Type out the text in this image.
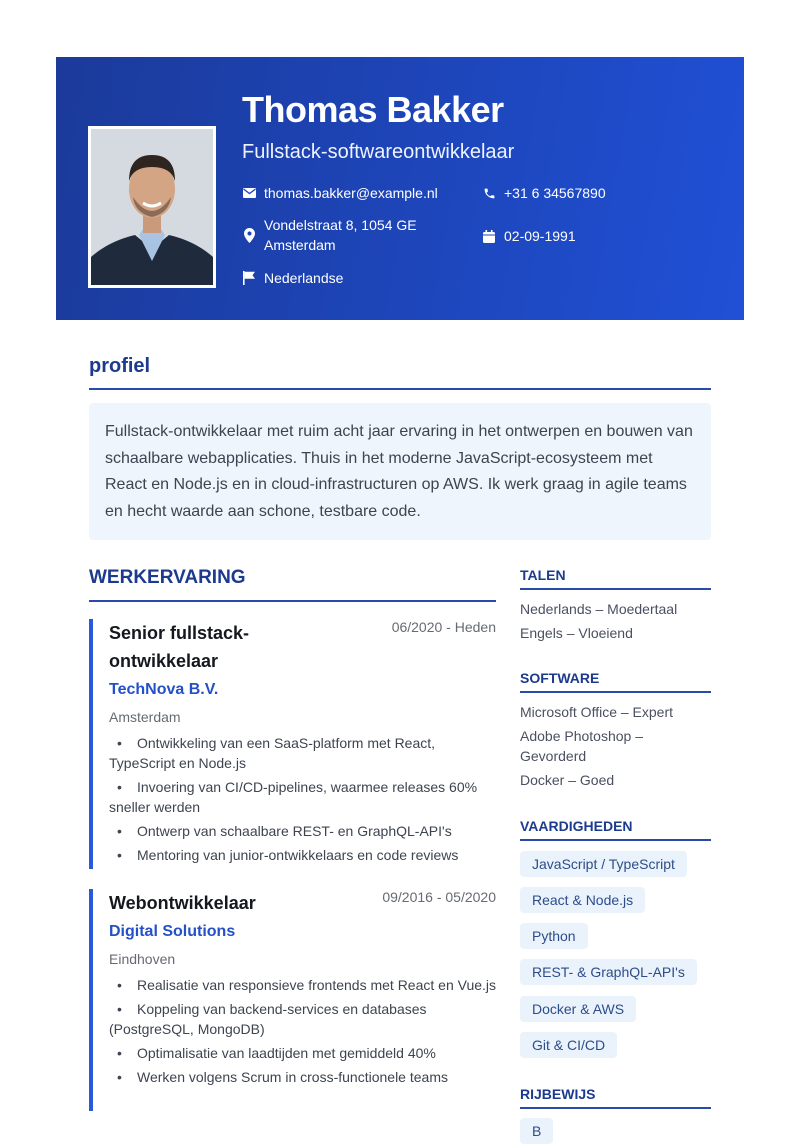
Thomas Bakker
Fullstack-softwareontwikkelaar
thomas.bakker@example.nl	+31 6 34567890
Vondelstraat 8, 1054 GE Amsterdam
02-09-1991
Nederlandse
profiel
Fullstack-ontwikkelaar met ruim acht jaar ervaring in het ontwerpen en bouwen van schaalbare webapplicaties. Thuis in het moderne JavaScript-ecosysteem met React en Node.js en in cloud-infrastructuren op AWS. Ik werk graag in agile teams en hecht waarde aan schone, testbare code.
WERKERVARING
Senior fullstack-ontwikkelaar
06/2020 - Heden
TechNova B.V.
Amsterdam
• Ontwikkeling van een SaaS-platform met React, TypeScript en Node.js
• Invoering van CI/CD-pipelines, waarmee releases 60% sneller werden
• Ontwerp van schaalbare REST- en GraphQL-API's
• Mentoring van junior-ontwikkelaars en code reviews
Webontwikkelaar	09/2016 - 05/2020
Digital Solutions
Eindhoven
• Realisatie van responsieve frontends met React en Vue.js
• Koppeling van backend-services en databases (PostgreSQL, MongoDB)
• Optimalisatie van laadtijden met gemiddeld 40%
• Werken volgens Scrum in cross-functionele teams
TALEN
Nederlands – Moedertaal
Engels – Vloeiend
SOFTWARE
Microsoft Office – Expert
Adobe Photoshop – Gevorderd
Docker – Goed
VAARDIGHEDEN
JavaScript / TypeScript
React & Node.js
Python
REST- & GraphQL-API's
Docker & AWS
Git & CI/CD
RIJBEWIJS
B
